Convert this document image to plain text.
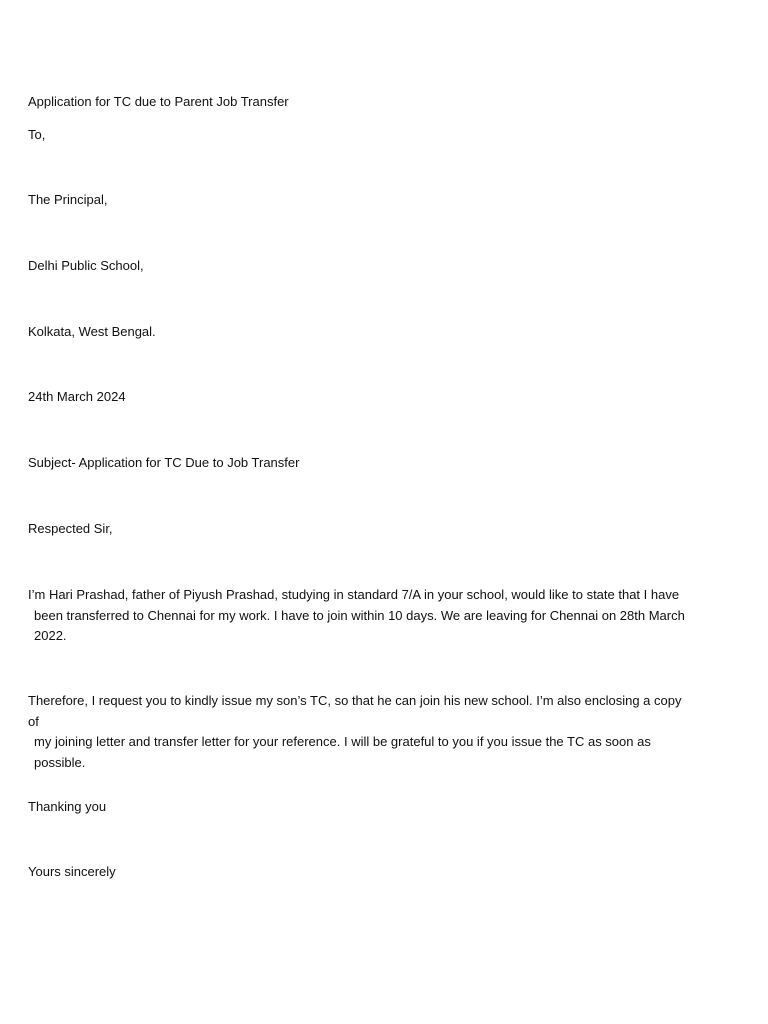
Application for TC due to Parent Job Transfer
To,
The Principal,
Delhi Public School,
Kolkata, West Bengal.
24th March 2024
Subject- Application for TC Due to Job Transfer
Respected Sir,
I’m Hari Prashad, father of Piyush Prashad, studying in standard 7/A in your school, would like to state that I have
been transferred to Chennai for my work. I have to join within 10 days. We are leaving for Chennai on 28th March
2022.
Therefore, I request you to kindly issue my son’s TC, so that he can join his new school. I’m also enclosing a copy of
my joining letter and transfer letter for your reference. I will be grateful to you if you issue the TC as soon as
possible.
Thanking you
Yours sincerely
